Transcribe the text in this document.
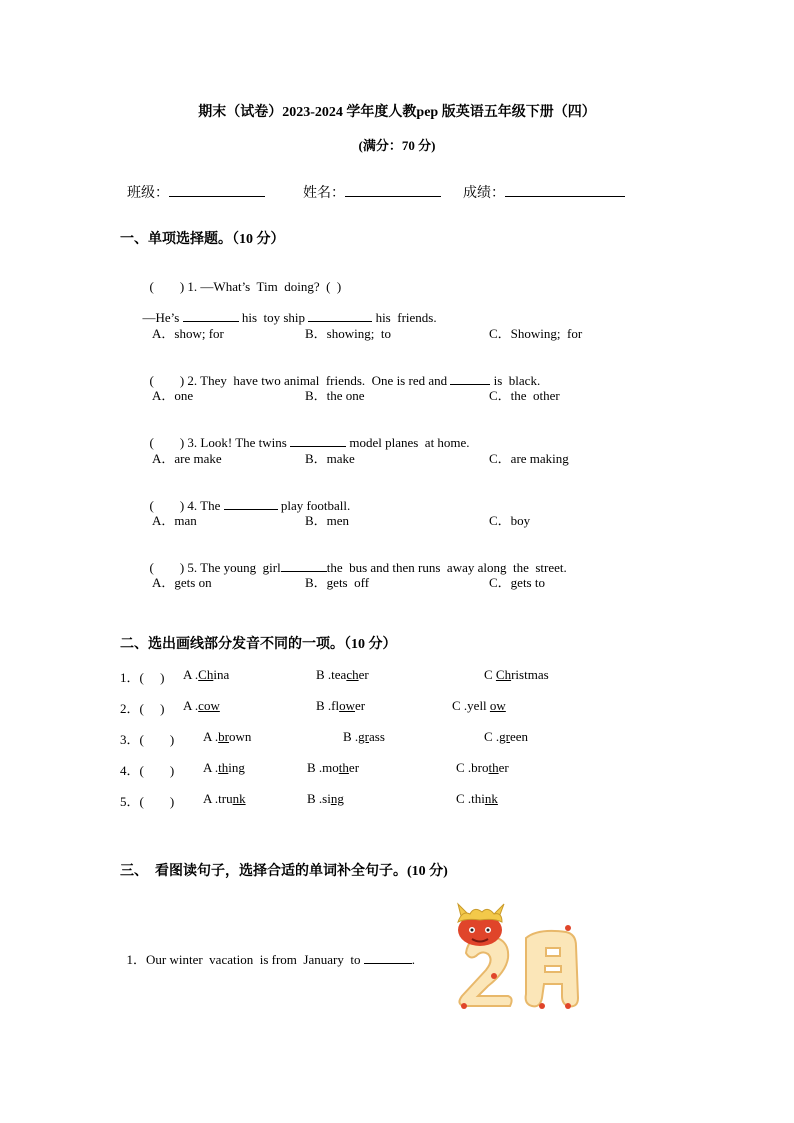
期末（试卷）2023-2024 学年度人教pep 版英语五年级下册（四）
(满分：70 分)

班级：	姓名：	成绩：

一、单项选择题。（10 分）

(　　) 1. —What’s  Tim  doing?  (  )

—He’s	his  toy ship	his  friends.

A．show; for	B．showing;  to	C．Showing;  for

(　　) 2. They  have two animal  friends.  One is red and	is  black.

A．one	B．the one	C．the  other

(　　) 3. Look! The twins	model planes  at home.

A．are make	B．make	C．are making

(　　) 4. The	play football.

A．man	B．men	C．boy

(　　) 5. The young  girl	the  bus and then runs  away along  the  street.

A．gets on	B．gets  off	C．gets to
二、选出画线部分发音不同的一项。（10 分）
1．(　 ) A .China	B .teacher	C Christmas
2．(　 ) A .cow	B .flower	C .yell ow
3．(　　) A .brown	B .grass	C .green
4．(　　) A .thing	B .mother	C .brother
5．(　　) A .trunk	B .sing	C .think
三、  看图读句子，选择合适的单词补全句子。(10 分)

1．Our winter  vacation  is from  January  to	.
